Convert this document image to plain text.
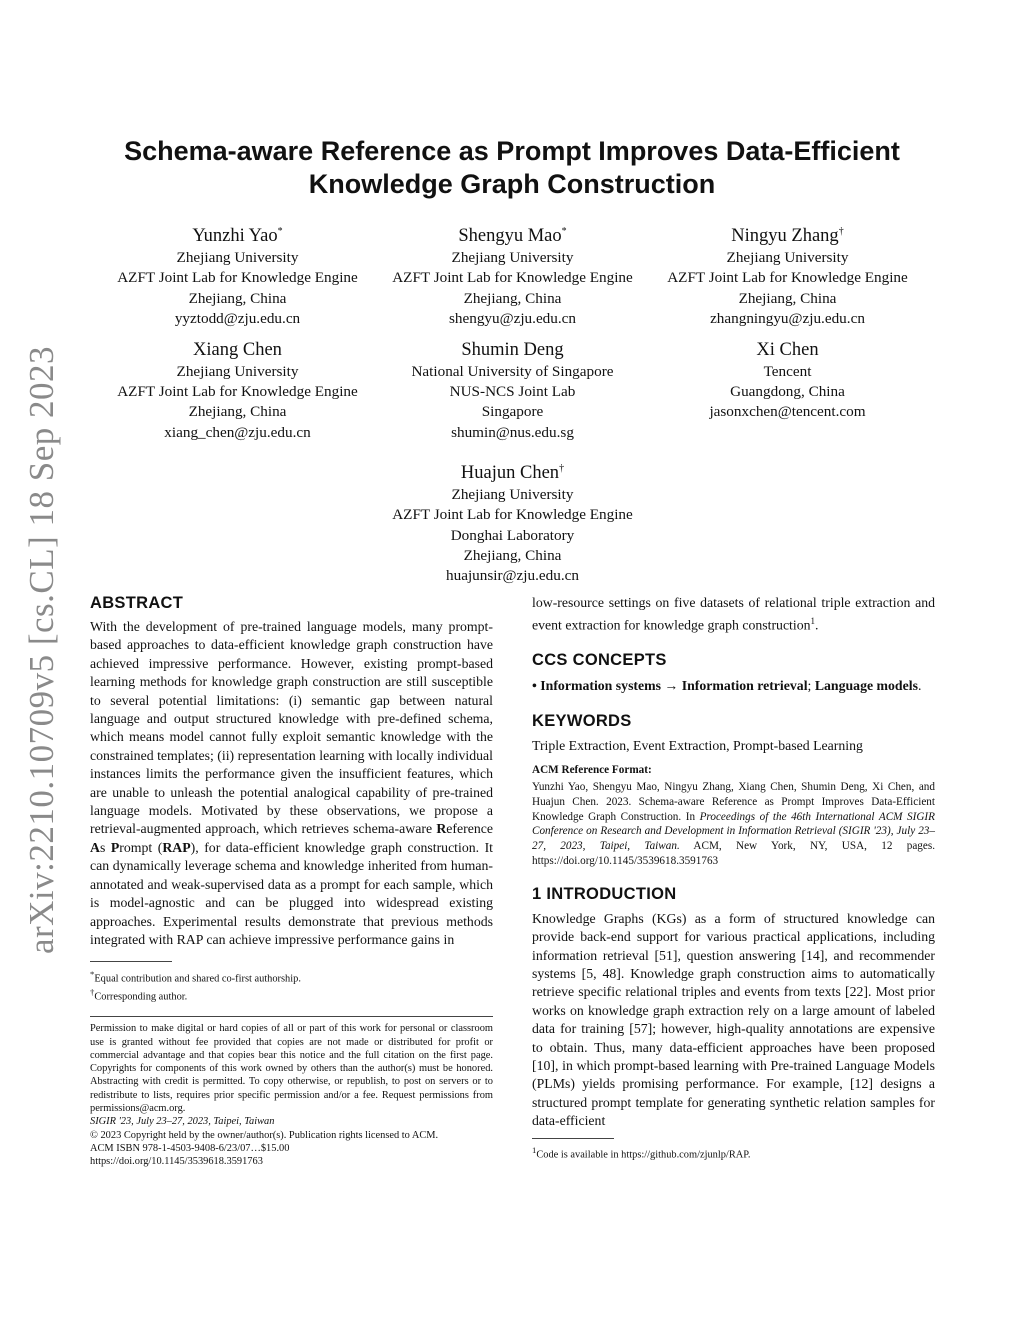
arXiv:2210.10709v5 [cs.CL] 18 Sep 2023
Schema-aware Reference as Prompt Improves Data-Efficient
Knowledge Graph Construction
Yunzhi Yao*
Zhejiang University
AZFT Joint Lab for Knowledge Engine
Zhejiang, China
yyztodd@zju.edu.cn
Shengyu Mao*
Zhejiang University
AZFT Joint Lab for Knowledge Engine
Zhejiang, China
shengyu@zju.edu.cn
Ningyu Zhang†
Zhejiang University
AZFT Joint Lab for Knowledge Engine
Zhejiang, China
zhangningyu@zju.edu.cn
Xiang Chen
Zhejiang University
AZFT Joint Lab for Knowledge Engine
Zhejiang, China
xiang_chen@zju.edu.cn
Shumin Deng
National University of Singapore
NUS-NCS Joint Lab
Singapore
shumin@nus.edu.sg
Xi Chen
Tencent
Guangdong, China
jasonxchen@tencent.com
Huajun Chen†
Zhejiang University
AZFT Joint Lab for Knowledge Engine
Donghai Laboratory
Zhejiang, China
huajunsir@zju.edu.cn
ABSTRACT

With the development of pre-trained language models, many prompt-based approaches to data-efficient knowledge graph construction have achieved impressive performance. However, existing prompt-based learning methods for knowledge graph construction are still susceptible to several potential limitations: (i) semantic gap between natural language and output structured knowledge with pre-defined schema, which means model cannot fully exploit semantic knowledge with the constrained templates; (ii) representation learning with locally individual instances limits the performance given the insufficient features, which are unable to unleash the potential analogical capability of pre-trained language models. Motivated by these observations, we propose a retrieval-augmented approach, which retrieves schema-aware Reference As Prompt (RAP), for data-efficient knowledge graph construction. It can dynamically leverage schema and knowledge inherited from human-annotated and weak-supervised data as a prompt for each sample, which is model-agnostic and can be plugged into widespread existing approaches. Experimental results demonstrate that previous methods integrated with RAP can achieve impressive performance gains in

*Equal contribution and shared co-first authorship.

†Corresponding author.

Permission to make digital or hard copies of all or part of this work for personal or classroom use is granted without fee provided that copies are not made or distributed for profit or commercial advantage and that copies bear this notice and the full citation on the first page. Copyrights for components of this work owned by others than the author(s) must be honored. Abstracting with credit is permitted. To copy otherwise, or republish, to post on servers or to redistribute to lists, requires prior specific permission and/or a fee. Request permissions from permissions@acm.org.

SIGIR '23, July 23–27, 2023, Taipei, Taiwan

© 2023 Copyright held by the owner/author(s). Publication rights licensed to ACM.

ACM ISBN 978-1-4503-9408-6/23/07…$15.00

https://doi.org/10.1145/3539618.3591763

low-resource settings on five datasets of relational triple extraction and event extraction for knowledge graph construction$^1$.

CCS CONCEPTS

• Information systems → Information retrieval; Language models.

KEYWORDS

Triple Extraction, Event Extraction, Prompt-based Learning

ACM Reference Format:

Yunzhi Yao, Shengyu Mao, Ningyu Zhang, Xiang Chen, Shumin Deng, Xi Chen, and Huajun Chen. 2023. Schema-aware Reference as Prompt Improves Data-Efficient Knowledge Graph Construction. In Proceedings of the 46th International ACM SIGIR Conference on Research and Development in Information Retrieval (SIGIR '23), July 23–27, 2023, Taipei, Taiwan. ACM, New York, NY, USA, 12 pages. https://doi.org/10.1145/3539618.3591763

1 INTRODUCTION

Knowledge Graphs (KGs) as a form of structured knowledge can provide back-end support for various practical applications, including information retrieval [51], question answering [14], and recommender systems [5, 48]. Knowledge graph construction aims to automatically retrieve specific relational triples and events from texts [22]. Most prior works on knowledge graph extraction rely on a large amount of labeled data for training [57]; however, high-quality annotations are expensive to obtain. Thus, many data-efficient approaches have been proposed [10], in which prompt-based learning with Pre-trained Language Models (PLMs) yields promising performance. For example, [12] designs a structured prompt template for generating synthetic relation samples for data-efficient

$^1$Code is available in https://github.com/zjunlp/RAP.
